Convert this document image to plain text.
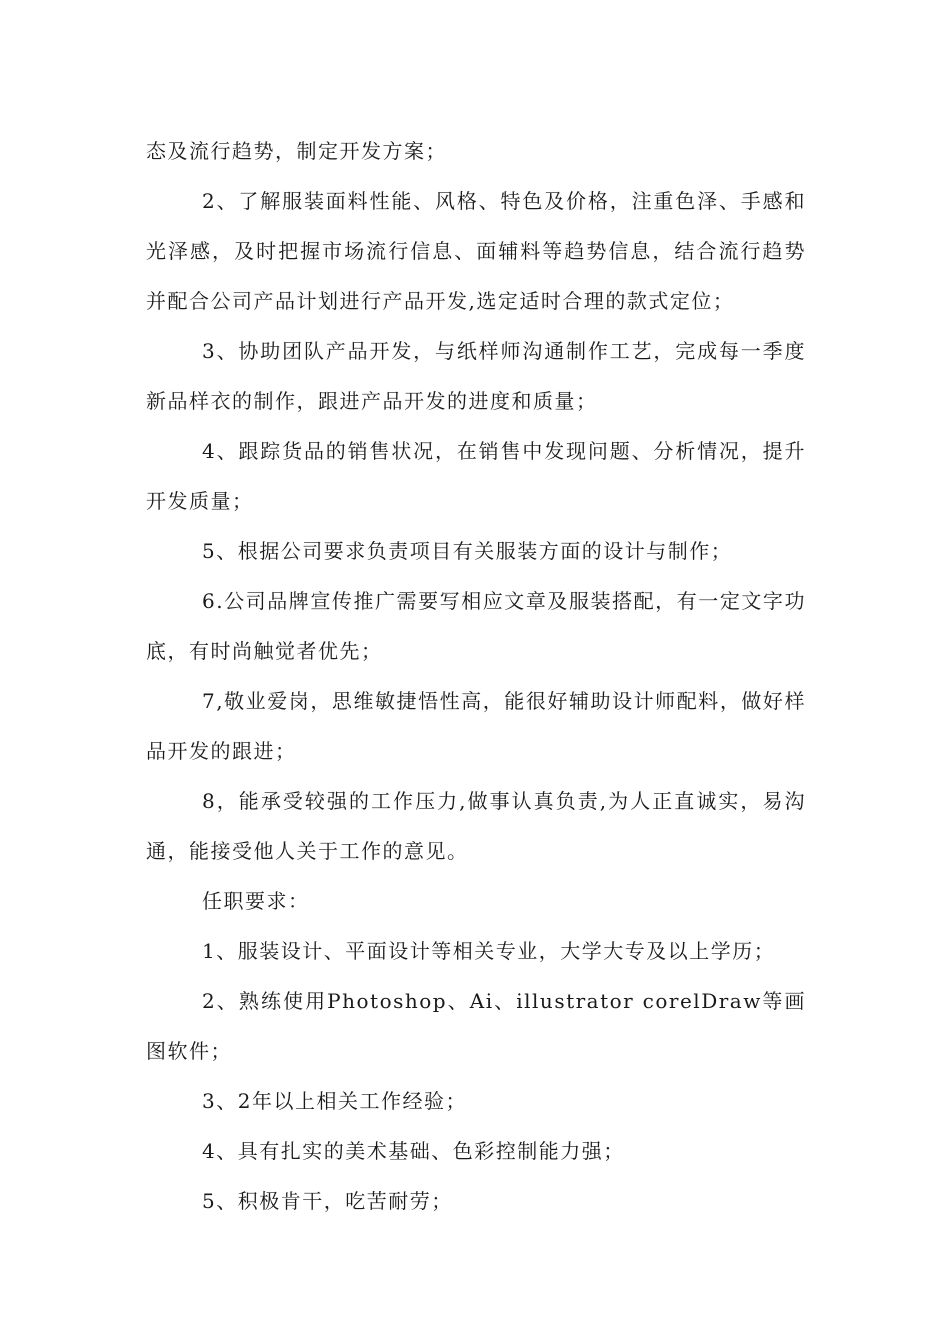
态及流行趋势，制定开发方案；

2、了解服装面料性能、风格、特色及价格，注重色泽、手感和光泽感，及时把握市场流行信息、面辅料等趋势信息，结合流行趋势并配合公司产品计划进行产品开发,选定适时合理的款式定位；

3、协助团队产品开发，与纸样师沟通制作工艺，完成每一季度新品样衣的制作，跟进产品开发的进度和质量；

4、跟踪货品的销售状况，在销售中发现问题、分析情况，提升开发质量；

5、根据公司要求负责项目有关服装方面的设计与制作；

6.公司品牌宣传推广需要写相应文章及服装搭配，有一定文字功底，有时尚触觉者优先；

7,敬业爱岗，思维敏捷悟性高，能很好辅助设计师配料，做好样品开发的跟进；

8，能承受较强的工作压力,做事认真负责,为人正直诚实，易沟通，能接受他人关于工作的意见。

任职要求：

1、服装设计、平面设计等相关专业，大学大专及以上学历；

2、熟练使用Photoshop、Ai、illustrator corelDraw等画图软件；

3、2年以上相关工作经验；

4、具有扎实的美术基础、色彩控制能力强；

5、积极肯干，吃苦耐劳；
